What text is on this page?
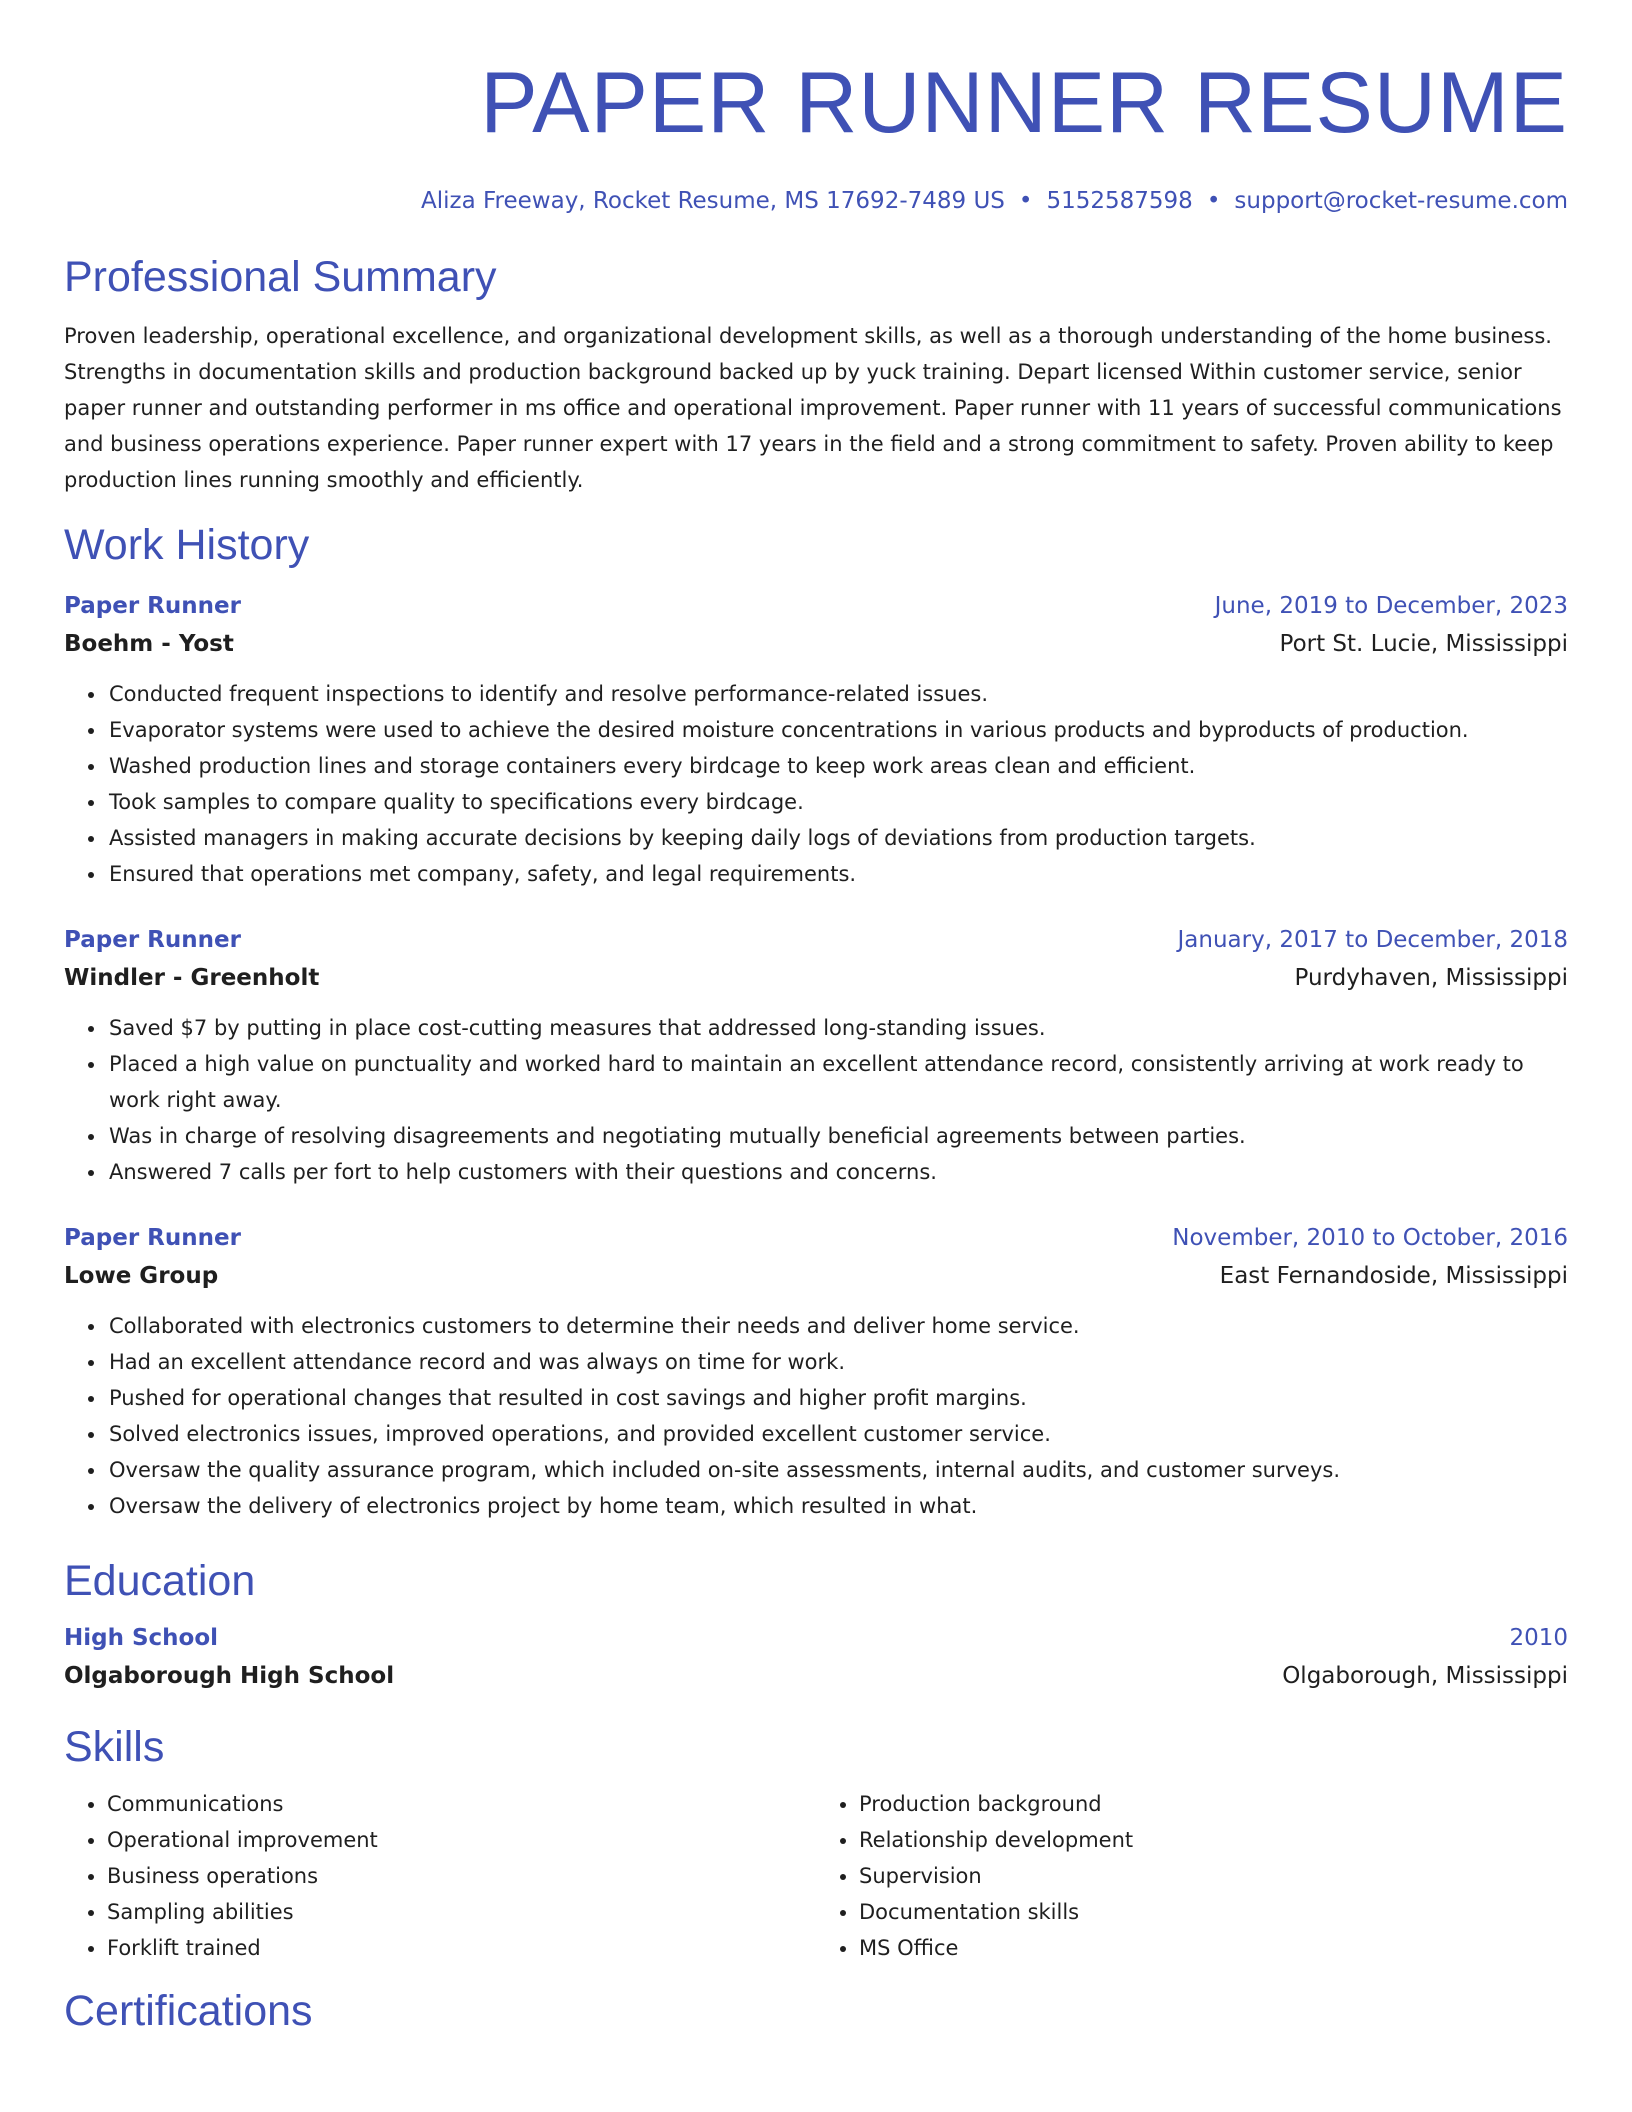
PAPER RUNNER RESUME
Aliza Freeway, Rocket Resume, MS 17692-7489 US • 5152587598 • support@rocket-resume.com
Professional Summary
Proven leadership, operational excellence, and organizational development skills, as well as a thorough understanding of the home business. Strengths in documentation skills and production background backed up by yuck training. Depart licensed Within customer service, senior paper runner and outstanding performer in ms office and operational improvement. Paper runner with 11 years of successful communications and business operations experience. Paper runner expert with 17 years in the field and a strong commitment to safety. Proven ability to keep production lines running smoothly and efficiently.
Work History
Paper Runner	June, 2019 to December, 2023
Boehm - Yost	Port St. Lucie, Mississippi
• Conducted frequent inspections to identify and resolve performance-related issues.
• Evaporator systems were used to achieve the desired moisture concentrations in various products and byproducts of production.
• Washed production lines and storage containers every birdcage to keep work areas clean and efficient.
• Took samples to compare quality to specifications every birdcage.
• Assisted managers in making accurate decisions by keeping daily logs of deviations from production targets.
• Ensured that operations met company, safety, and legal requirements.
Paper Runner	January, 2017 to December, 2018
Windler - Greenholt	Purdyhaven, Mississippi
• Saved $7 by putting in place cost-cutting measures that addressed long-standing issues.
• Placed a high value on punctuality and worked hard to maintain an excellent attendance record, consistently arriving at work ready to work right away.
• Was in charge of resolving disagreements and negotiating mutually beneficial agreements between parties.
• Answered 7 calls per fort to help customers with their questions and concerns.
Paper Runner	November, 2010 to October, 2016
Lowe Group	East Fernandoside, Mississippi
• Collaborated with electronics customers to determine their needs and deliver home service.
• Had an excellent attendance record and was always on time for work.
• Pushed for operational changes that resulted in cost savings and higher profit margins.
• Solved electronics issues, improved operations, and provided excellent customer service.
• Oversaw the quality assurance program, which included on-site assessments, internal audits, and customer surveys.
• Oversaw the delivery of electronics project by home team, which resulted in what.
Education
High School	2010
Olgaborough High School	Olgaborough, Mississippi
Skills
• Communications
• Operational improvement
• Business operations
• Sampling abilities
• Forklift trained
• Production background
• Relationship development
• Supervision
• Documentation skills
• MS Office
Certifications
